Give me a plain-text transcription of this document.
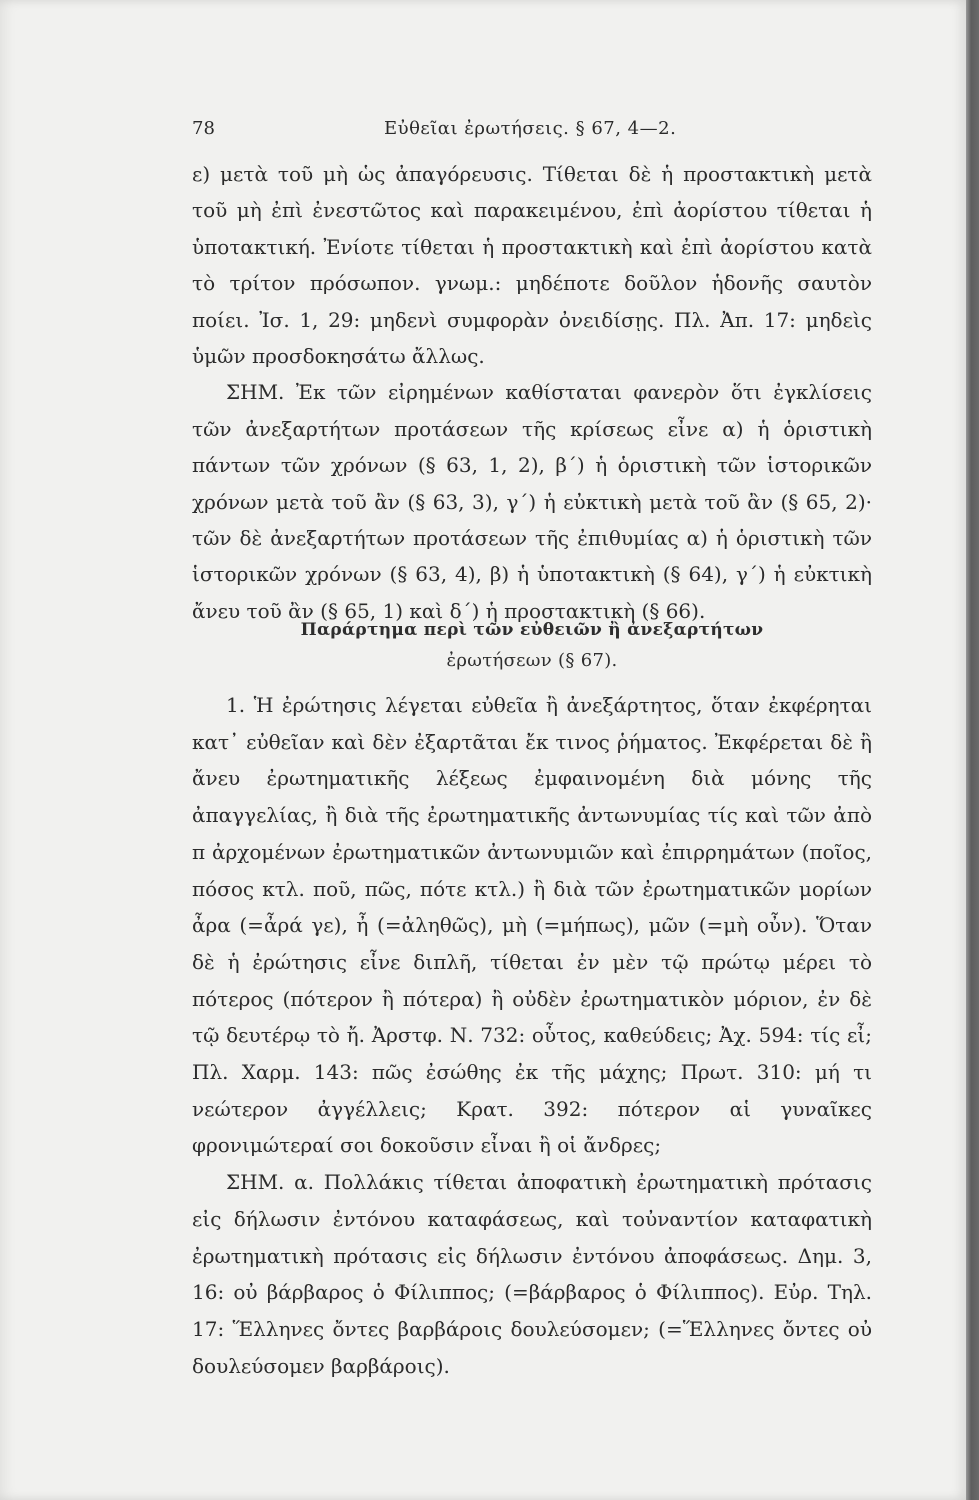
78	Εὐθεῖαι ἐρωτήσεις. § 67, 4—2.

ε) μετὰ τοῦ μὴ ὡς ἀπαγόρευσις. Τίθεται δὲ ἡ προστακτικὴ μετὰ τοῦ μὴ ἐπὶ ἐνεστῶτος καὶ παρακειμένου, ἐπὶ ἀορίστου τίθεται ἡ ὑποτακτική. Ἐνίοτε τίθεται ἡ προστακτικὴ καὶ ἐπὶ ἀορίστου κατὰ τὸ τρίτον πρόσωπον. γνωμ.: μηδέποτε δοῦλον ἡδονῆς σαυτὸν ποίει. Ἰσ. 1, 29: μηδενὶ συμφορὰν ὀνειδίσῃς. Πλ. Ἀπ. 17: μηδεὶς ὑμῶν προσδοκησάτω ἄλλως.

ΣΗΜ. Ἐκ τῶν εἰρημένων καθίσταται φανερὸν ὅτι ἐγκλίσεις τῶν ἀνεξαρτήτων προτάσεων τῆς κρίσεως εἶνε α) ἡ ὁριστικὴ πάντων τῶν χρόνων (§ 63, 1, 2), β´) ἡ ὁριστικὴ τῶν ἱστορικῶν χρόνων μετὰ τοῦ ἂν (§ 63, 3), γ´) ἡ εὐκτικὴ μετὰ τοῦ ἂν (§ 65, 2)· τῶν δὲ ἀνεξαρτήτων προτάσεων τῆς ἐπιθυμίας α) ἡ ὁριστικὴ τῶν ἱστορικῶν χρόνων (§ 63, 4), β) ἡ ὑποτακτικὴ (§ 64), γ´) ἡ εὐκτικὴ ἄνευ τοῦ ἂν (§ 65, 1) καὶ δ´) ἡ προστακτικὴ (§ 66).

Παράρτημα περὶ τῶν εὐθειῶν ἢ ἀνεξαρτήτων
ἐρωτήσεων (§ 67).

1. Ἡ ἐρώτησις λέγεται εὐθεῖα ἢ ἀνεξάρτητος, ὅταν ἐκφέρηται κατ᾽ εὐθεῖαν καὶ δὲν ἐξαρτᾶται ἔκ τινος ῥήματος. Ἐκφέρεται δὲ ἢ ἄνευ ἐρωτηματικῆς λέξεως ἐμφαινομένη διὰ μόνης τῆς ἀπαγγελίας, ἢ διὰ τῆς ἐρωτηματικῆς ἀντωνυμίας τίς καὶ τῶν ἀπὸ π ἀρχομένων ἐρωτηματικῶν ἀντωνυμιῶν καὶ ἐπιρρημάτων (ποῖος, πόσος κτλ. ποῦ, πῶς, πότε κτλ.) ἢ διὰ τῶν ἐρωτηματικῶν μορίων ἆρα (=ἆρά γε), ἦ (=ἀληθῶς), μὴ (=μήπως), μῶν (=μὴ οὖν). Ὅταν δὲ ἡ ἐρώτησις εἶνε διπλῆ, τίθεται ἐν μὲν τῷ πρώτῳ μέρει τὸ πότερος (πότερον ἢ πότερα) ἢ οὐδὲν ἐρωτηματικὸν μόριον, ἐν δὲ τῷ δευτέρῳ τὸ ἤ. Ἀρστφ. Ν. 732: οὗτος, καθεύδεις; Ἀχ. 594: τίς εἶ; Πλ. Χαρμ. 143: πῶς ἐσώθης ἐκ τῆς μάχης; Πρωτ. 310: μή τι νεώτερον ἀγγέλλεις; Κρατ. 392: πότερον αἱ γυναῖκες φρονιμώτεραί σοι δοκοῦσιν εἶναι ἢ οἱ ἄνδρες;

ΣΗΜ. α. Πολλάκις τίθεται ἀποφατικὴ ἐρωτηματικὴ πρότασις εἰς δήλωσιν ἐντόνου καταφάσεως, καὶ τοὐναντίον καταφατικὴ ἐρωτηματικὴ πρότασις εἰς δήλωσιν ἐντόνου ἀποφάσεως. Δημ. 3, 16: οὐ βάρβαρος ὁ Φίλιππος; (=βάρβαρος ὁ Φίλιππος). Εὐρ. Τηλ. 17: Ἕλληνες ὄντες βαρβάροις δουλεύσομεν; (=Ἕλληνες ὄντες οὐ δουλεύσομεν βαρβάροις).
